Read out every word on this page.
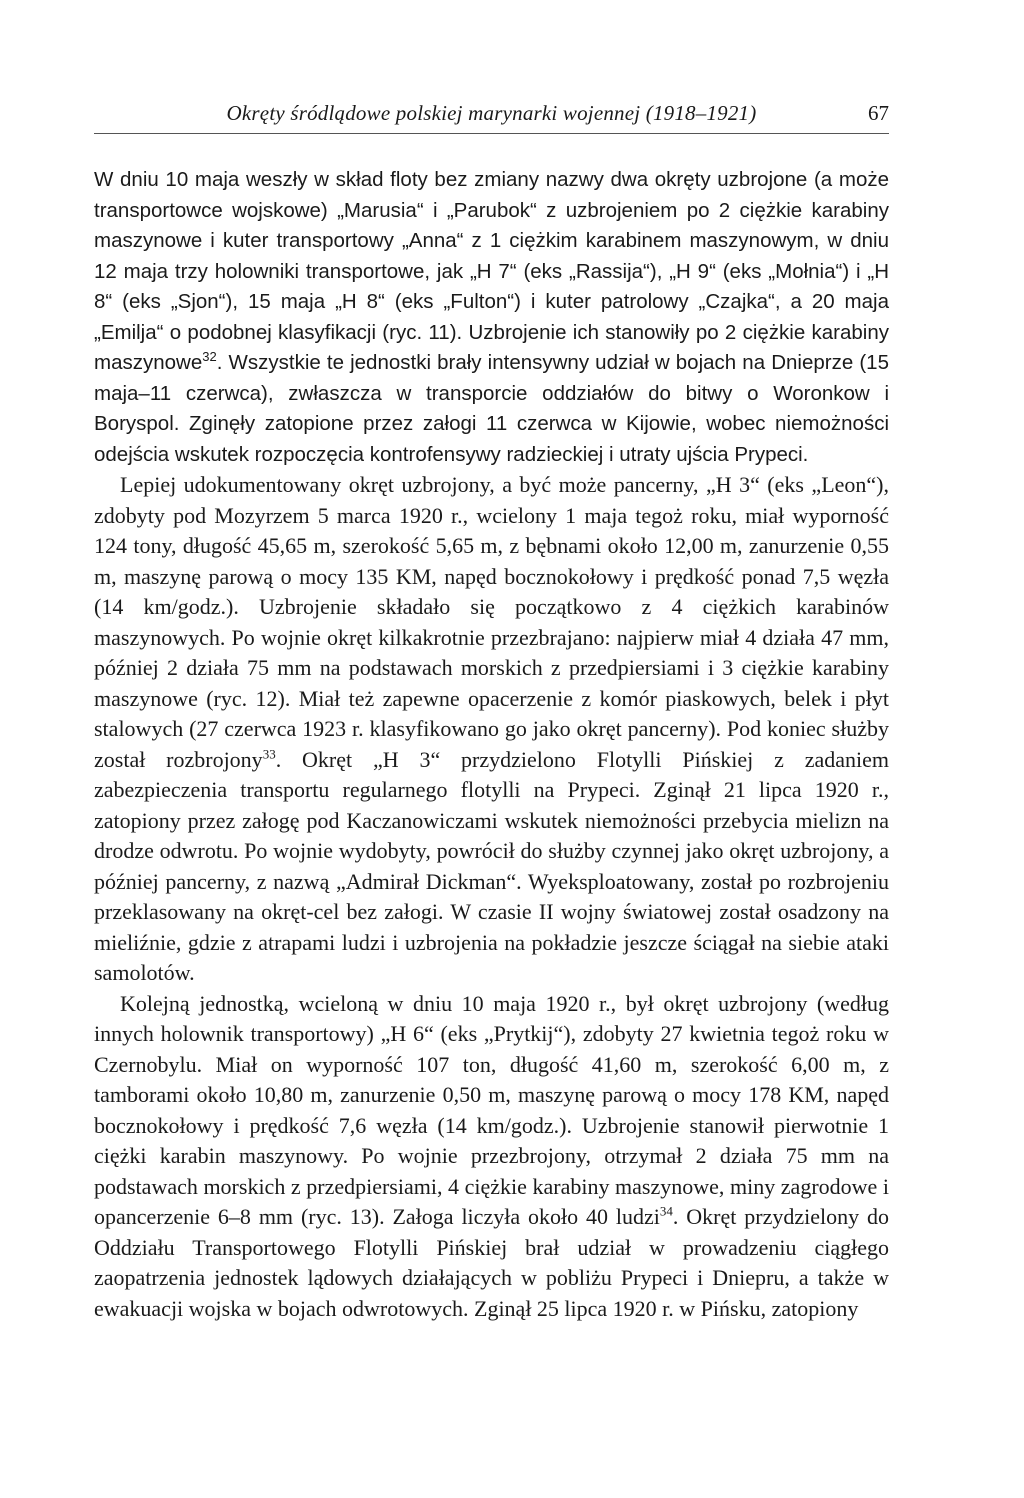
Okręty śródlądowe polskiej marynarki wojennej (1918–1921)	67

W dniu 10 maja weszły w skład floty bez zmiany nazwy dwa okręty uzbrojone (a może transportowce wojskowe) „Marusia“ i „Parubok“ z uzbrojeniem po 2 ciężkie karabiny maszynowe i kuter transportowy „Anna“ z 1 ciężkim karabinem maszynowym, w dniu 12 maja trzy holowniki transportowe, jak „H 7“ (eks „Rassija“), „H 9“ (eks „Mołnia“) i „H 8“ (eks „Sjon“), 15 maja „H 8“ (eks „Fulton“) i kuter patrolowy „Czajka“, a 20 maja „Emilja“ o podobnej klasyfikacji (ryc. 11). Uzbrojenie ich stanowiły po 2 ciężkie karabiny maszynowe$^{32}$. Wszystkie te jednostki brały intensywny udział w bojach na Dnieprze (15 maja–11 czerwca), zwłaszcza w transporcie oddziałów do bitwy o Woronkow i Boryspol. Zginęły zatopione przez załogi 11 czerwca w Kijowie, wobec niemożności odejścia wskutek rozpoczęcia kontrofensywy radzieckiej i utraty ujścia Prypeci.

Lepiej udokumentowany okręt uzbrojony, a być może pancerny, „H 3“ (eks „Leon“), zdobyty pod Mozyrzem 5 marca 1920 r., wcielony 1 maja tegoż roku, miał wyporność 124 tony, długość 45,65 m, szerokość 5,65 m, z bębnami około 12,00 m, zanurzenie 0,55 m, maszynę parową o mocy 135 KM, napęd bocznokołowy i prędkość ponad 7,5 węzła (14 km/godz.). Uzbrojenie składało się początkowo z 4 ciężkich karabinów maszynowych. Po wojnie okręt kilkakrotnie przezbrajano: najpierw miał 4 działa 47 mm, później 2 działa 75 mm na podstawach morskich z przedpiersiami i 3 ciężkie karabiny maszynowe (ryc. 12). Miał też zapewne opacerzenie z komór piaskowych, belek i płyt stalowych (27 czerwca 1923 r. klasyfikowano go jako okręt pancerny). Pod koniec służby został rozbrojony$^{33}$. Okręt „H 3“ przydzielono Flotylli Pińskiej z zadaniem zabezpieczenia transportu regularnego flotylli na Prypeci. Zginął 21 lipca 1920 r., zatopiony przez załogę pod Kaczanowiczami wskutek niemożności przebycia mielizn na drodze odwrotu. Po wojnie wydobyty, powrócił do służby czynnej jako okręt uzbrojony, a później pancerny, z nazwą „Admirał Dickman“. Wyeksploatowany, został po rozbrojeniu przeklasowany na okręt-cel bez załogi. W czasie II wojny światowej został osadzony na mieliźnie, gdzie z atrapami ludzi i uzbrojenia na pokładzie jeszcze ściągał na siebie ataki samolotów.

Kolejną jednostką, wcieloną w dniu 10 maja 1920 r., był okręt uzbrojony (według innych holownik transportowy) „H 6“ (eks „Prytkij“), zdobyty 27 kwietnia tegoż roku w Czernobylu. Miał on wyporność 107 ton, długość 41,60 m, szerokość 6,00 m, z tamborami około 10,80 m, zanurzenie 0,50 m, maszynę parową o mocy 178 KM, napęd bocznokołowy i prędkość 7,6 węzła (14 km/godz.). Uzbrojenie stanowił pierwotnie 1 ciężki karabin maszynowy. Po wojnie przezbrojony, otrzymał 2 działa 75 mm na podstawach morskich z przedpiersiami, 4 ciężkie karabiny maszynowe, miny zagrodowe i opancerzenie 6–8 mm (ryc. 13). Załoga liczyła około 40 ludzi$^{34}$. Okręt przydzielony do Oddziału Transportowego Flotylli Pińskiej brał udział w prowadzeniu ciągłego zaopatrzenia jednostek lądowych działających w pobliżu Prypeci i Dniepru, a także w ewakuacji wojska w bojach odwrotowych. Zginął 25 lipca 1920 r. w Pińsku, zatopiony
